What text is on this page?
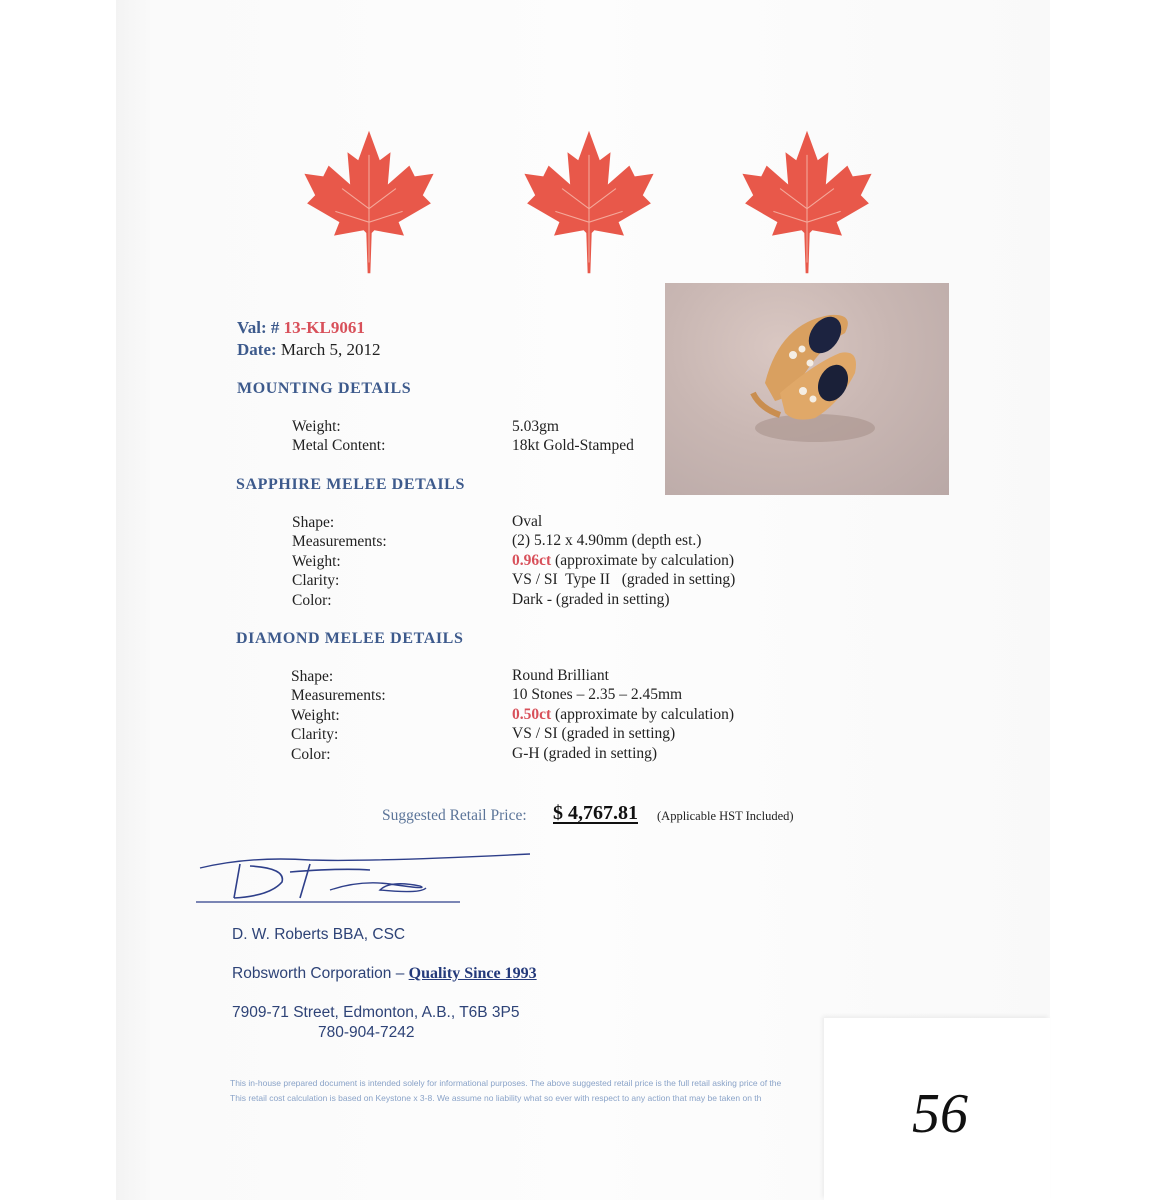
Val: # 13-KL9061
Date: March 5, 2012
MOUNTING DETAILS
Weight:	5.03gm
Metal Content:	18kt Gold-Stamped
SAPPHIRE MELEE DETAILS
Shape:	Oval
Measurements:	(2) 5.12 x 4.90mm (depth est.)
Weight:	0.96ct (approximate by calculation)
Clarity:	VS / SI  Type II   (graded in setting)
Color:	Dark - (graded in setting)
DIAMOND MELEE DETAILS
Shape:	Round Brilliant
Measurements:	10 Stones – 2.35 – 2.45mm
Weight:	0.50ct (approximate by calculation)
Clarity:	VS / SI (graded in setting)
Color:	G-H (graded in setting)
Suggested Retail Price: $ 4,767.81 (Applicable HST Included)
D. W. Roberts BBA, CSC
Robsworth Corporation – Quality Since 1993
7909-71 Street, Edmonton, A.B., T6B 3P5
780-904-7242
This in-house prepared document is intended solely for informational purposes. The above suggested retail price is the full retail asking price of the
This retail cost calculation is based on Keystone x 3-8. We assume no liability what so ever with respect to any action that may be taken on th	56
